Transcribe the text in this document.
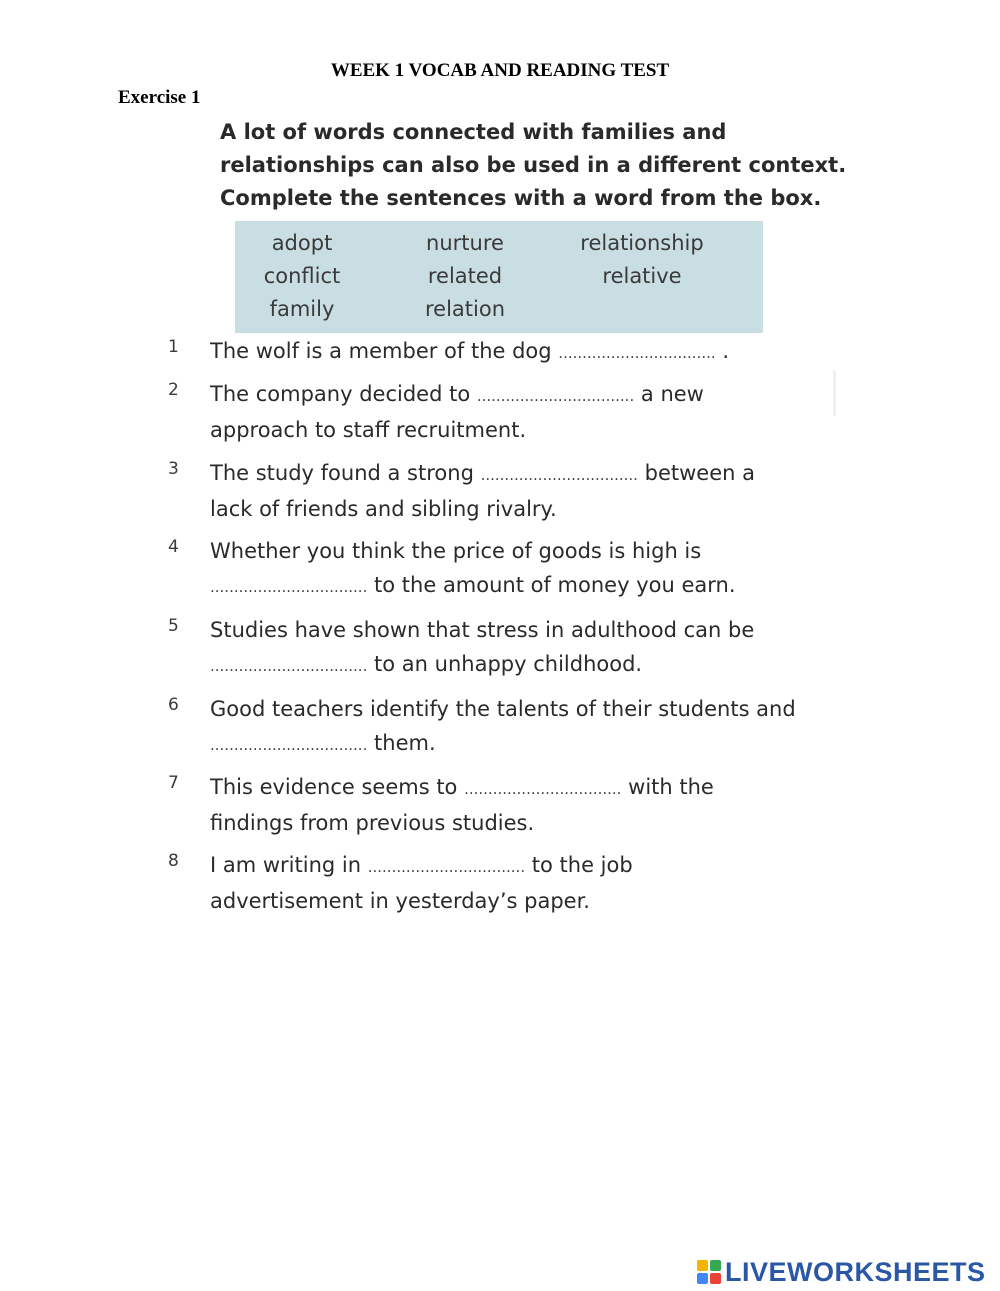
WEEK 1 VOCAB AND READING TEST
Exercise 1
A lot of words connected with families and
relationships can also be used in a different context.
Complete the sentences with a word from the box.
adopt	nurture	relationship
conflict	related	relative
family	relation
1 The wolf is a member of the dog ................................. .
2 The company decided to ................................. a new
approach to staff recruitment.
3 The study found a strong ................................. between a
lack of friends and sibling rivalry.
4 Whether you think the price of goods is high is
................................. to the amount of money you earn.
5 Studies have shown that stress in adulthood can be
................................. to an unhappy childhood.
6 Good teachers identify the talents of their students and
................................. them.
7 This evidence seems to ................................. with the
findings from previous studies.
8 I am writing in ................................. to the job
advertisement in yesterday’s paper.
LIVEWORKSHEETS
